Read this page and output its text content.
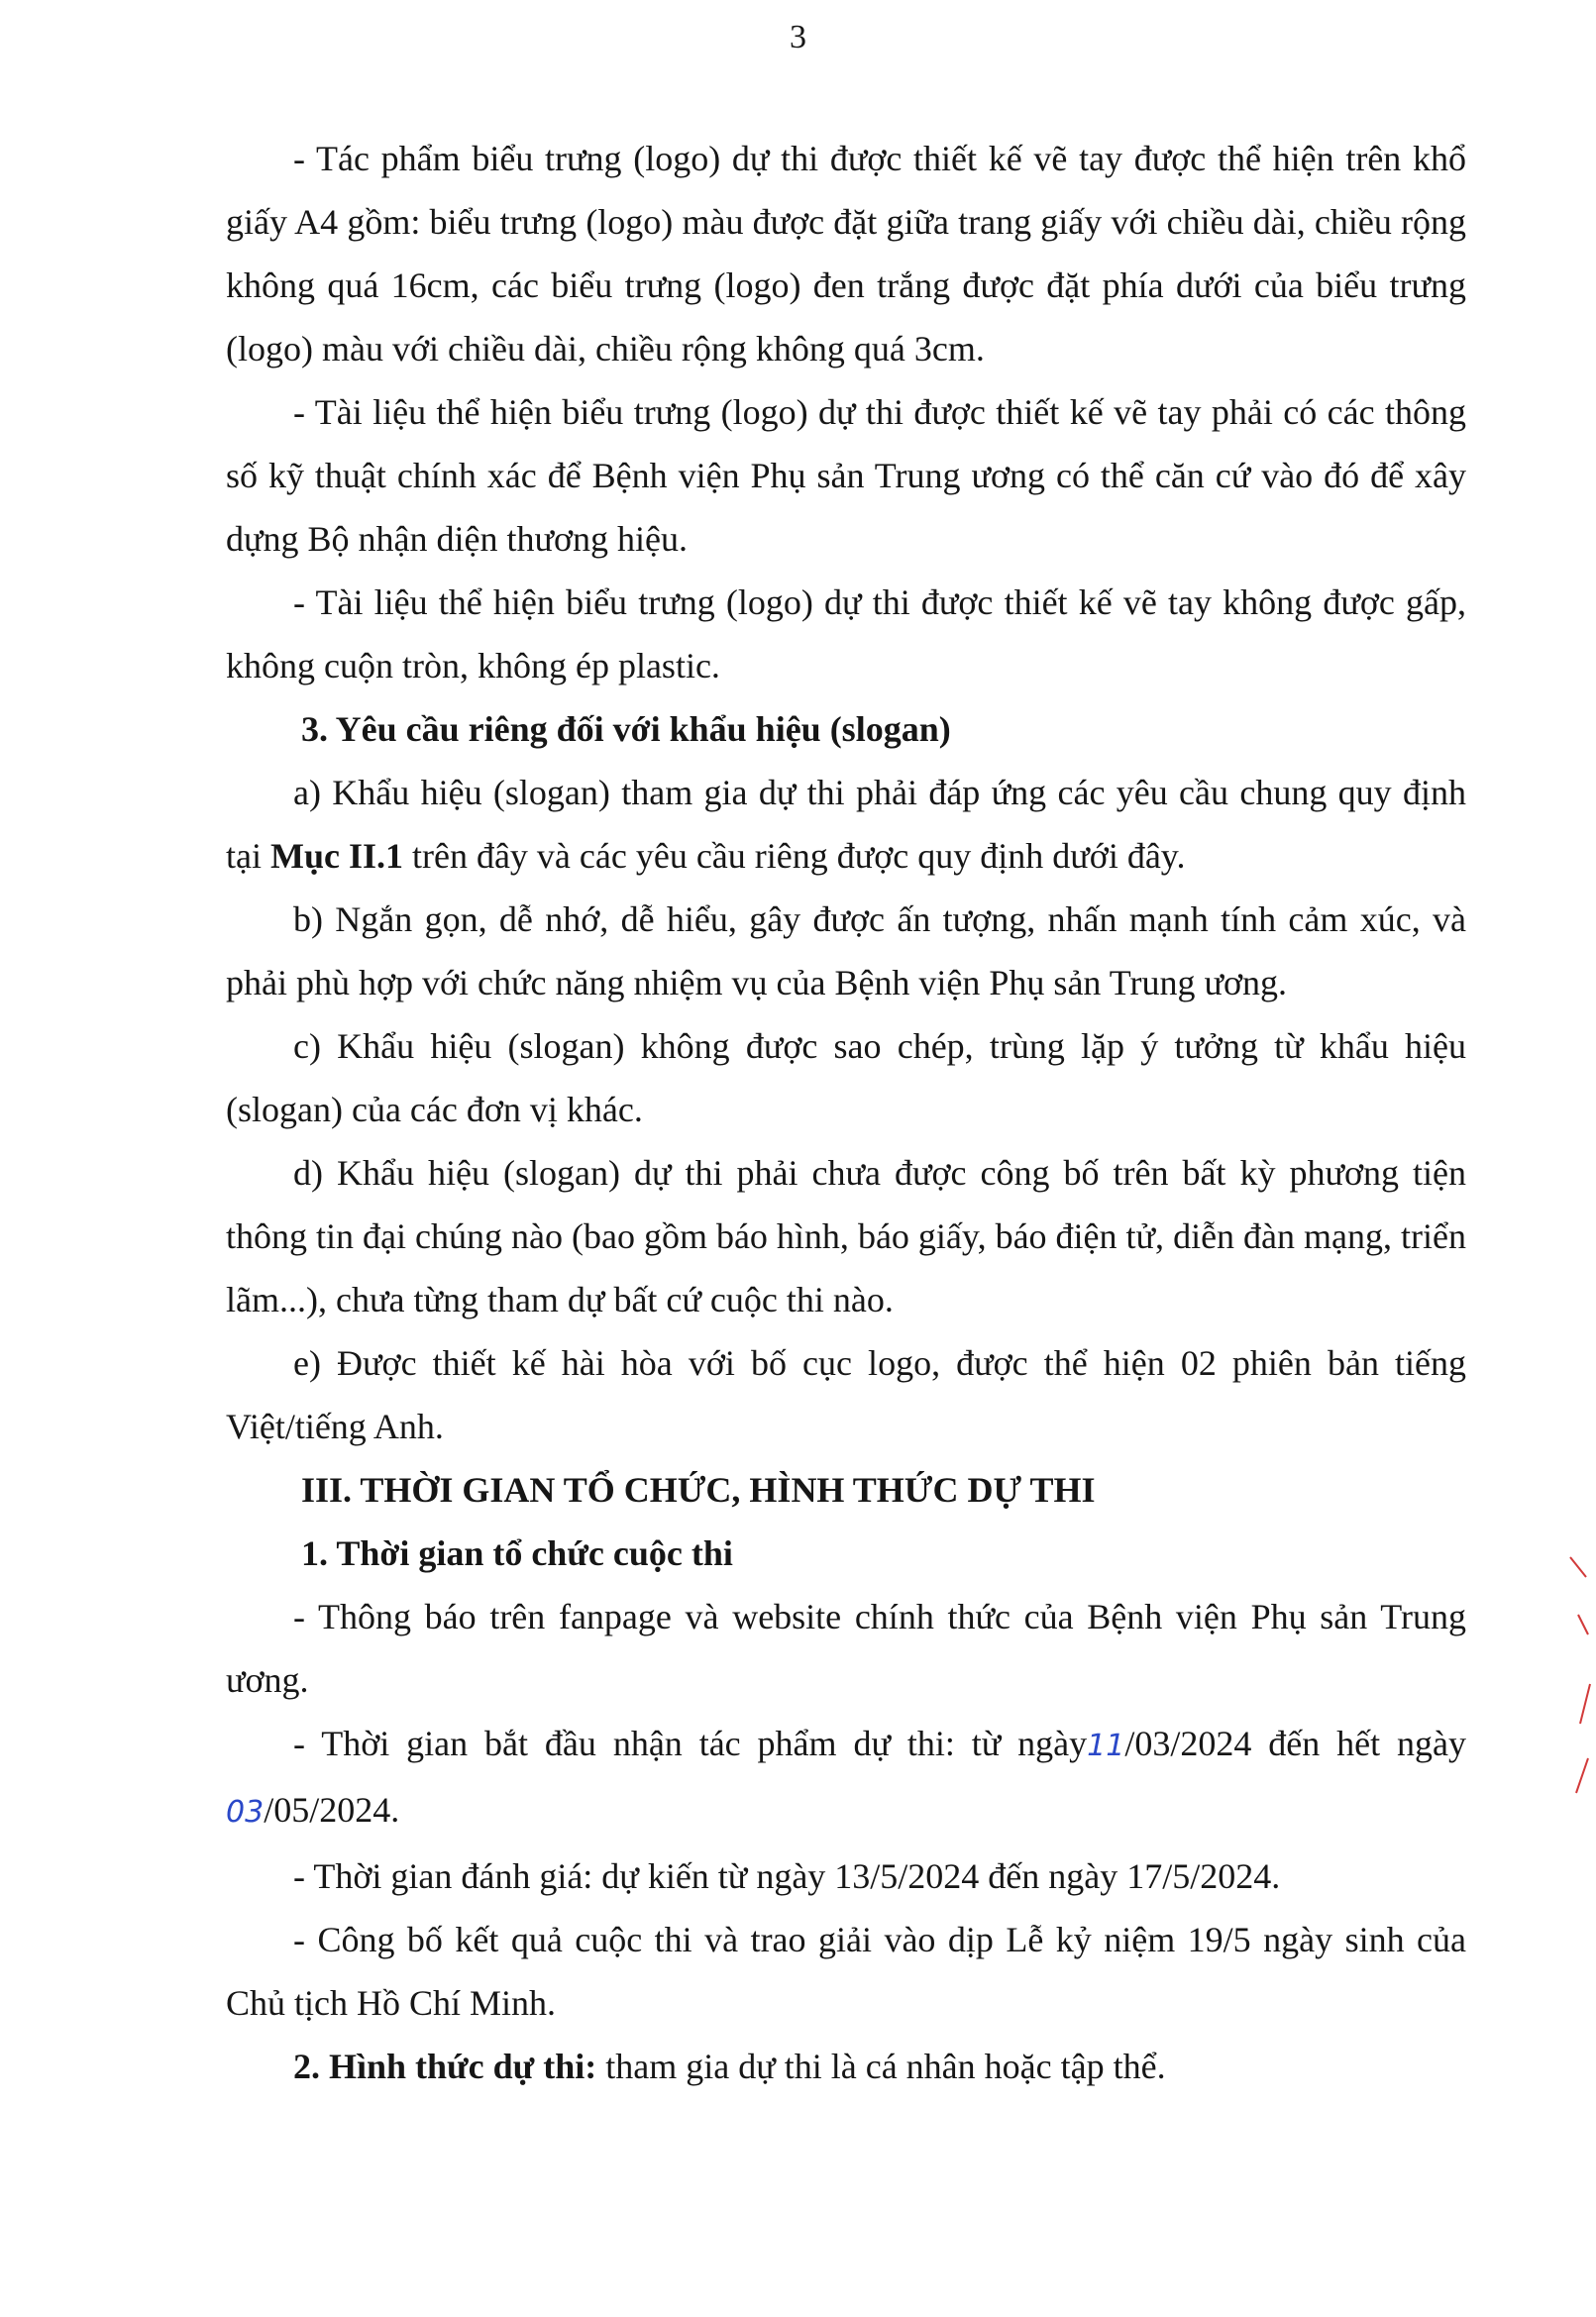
3

- Tác phẩm biểu trưng (logo) dự thi được thiết kế vẽ tay được thể hiện trên khổ giấy A4 gồm: biểu trưng (logo) màu được đặt giữa trang giấy với chiều dài, chiều rộng không quá 16cm, các biểu trưng (logo) đen trắng được đặt phía dưới của biểu trưng (logo) màu với chiều dài, chiều rộng không quá 3cm.

- Tài liệu thể hiện biểu trưng (logo) dự thi được thiết kế vẽ tay phải có các thông số kỹ thuật chính xác để Bệnh viện Phụ sản Trung ương có thể căn cứ vào đó để xây dựng Bộ nhận diện thương hiệu.

- Tài liệu thể hiện biểu trưng (logo) dự thi được thiết kế vẽ tay không được gấp, không cuộn tròn, không ép plastic.

3. Yêu cầu riêng đối với khẩu hiệu (slogan)

a) Khẩu hiệu (slogan) tham gia dự thi phải đáp ứng các yêu cầu chung quy định tại Mục II.1 trên đây và các yêu cầu riêng được quy định dưới đây.

b) Ngắn gọn, dễ nhớ, dễ hiểu, gây được ấn tượng, nhấn mạnh tính cảm xúc, và phải phù hợp với chức năng nhiệm vụ của Bệnh viện Phụ sản Trung ương.

c) Khẩu hiệu (slogan) không được sao chép, trùng lặp ý tưởng từ khẩu hiệu (slogan) của các đơn vị khác.

d) Khẩu hiệu (slogan) dự thi phải chưa được công bố trên bất kỳ phương tiện thông tin đại chúng nào (bao gồm báo hình, báo giấy, báo điện tử, diễn đàn mạng, triển lãm...), chưa từng tham dự bất cứ cuộc thi nào.

e) Được thiết kế hài hòa với bố cục logo, được thể hiện 02 phiên bản tiếng Việt/tiếng Anh.

III. THỜI GIAN TỔ CHỨC, HÌNH THỨC DỰ THI

1. Thời gian tổ chức cuộc thi

- Thông báo trên fanpage và website chính thức của Bệnh viện Phụ sản Trung ương.

- Thời gian bắt đầu nhận tác phẩm dự thi: từ ngày11/03/2024 đến hết ngày 03/05/2024.

- Thời gian đánh giá: dự kiến từ ngày 13/5/2024 đến ngày 17/5/2024.

- Công bố kết quả cuộc thi và trao giải vào dịp Lễ kỷ niệm 19/5 ngày sinh của Chủ tịch Hồ Chí Minh.

2. Hình thức dự thi: tham gia dự thi là cá nhân hoặc tập thể.
